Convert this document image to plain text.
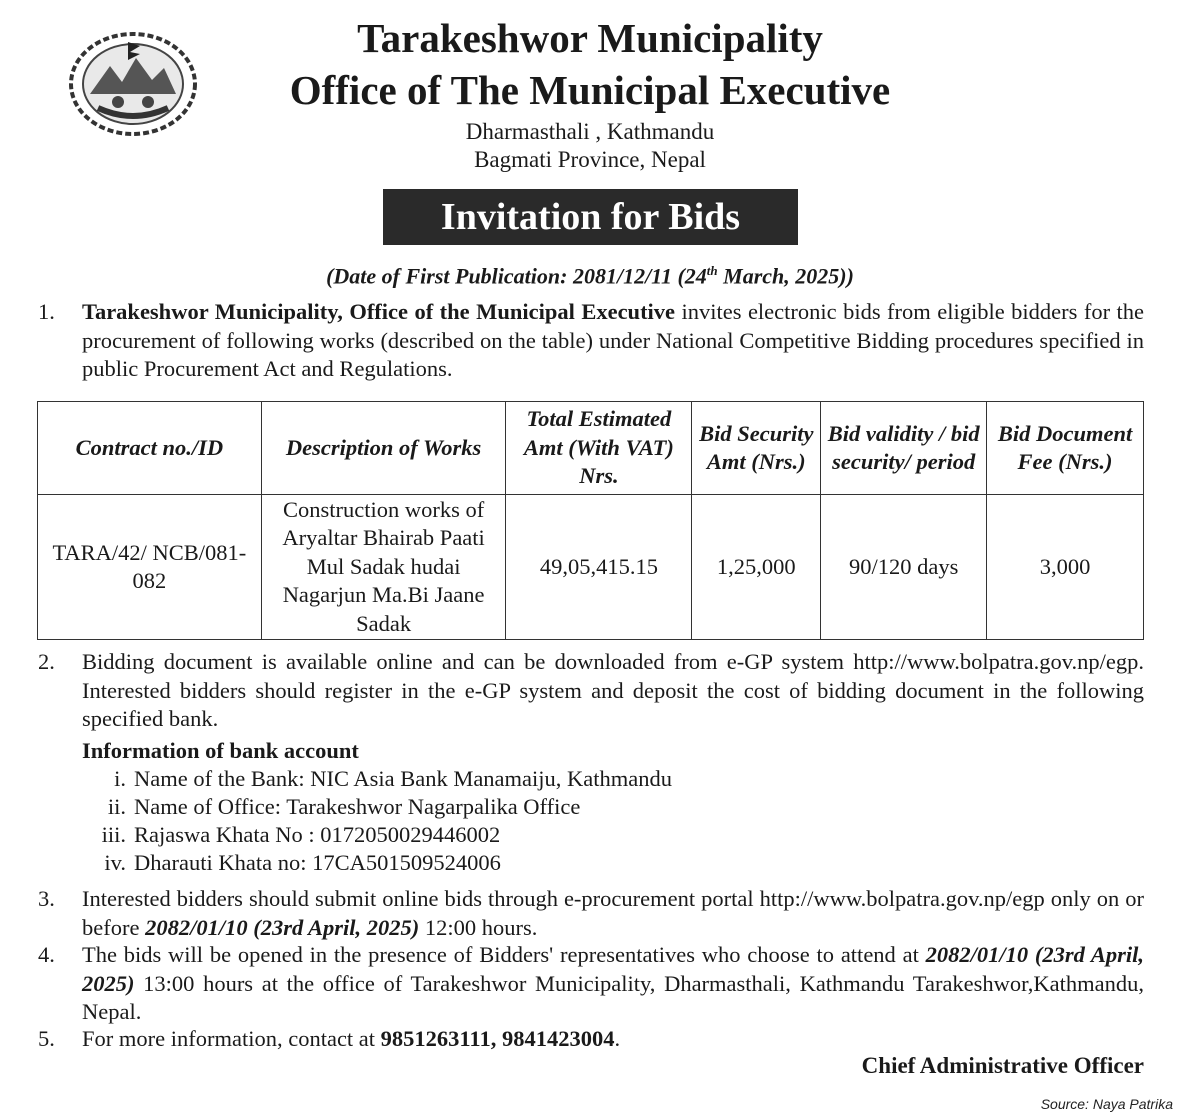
Tarakeshwor Municipality
Office of The Municipal Executive
Dharmasthali , Kathmandu
Bagmati Province, Nepal
Invitation for Bids
(Date of First Publication: 2081/12/11 (24th March, 2025))
1.	Tarakeshwor Municipality, Office of the Municipal Executive invites electronic bids from eligible bidders for the procurement of following works (described on the table) under National Competitive Bidding procedures specified in public Procurement Act and Regulations.
Contract no./ID	Description of Works	Total Estimated Amt (With VAT) Nrs.	Bid Security Amt (Nrs.)	Bid validity / bid security/ period	Bid Document Fee (Nrs.)
TARA/42/ NCB/081-082	Construction works of Aryaltar Bhairab Paati Mul Sadak hudai Nagarjun Ma.Bi Jaane Sadak	49,05,415.15	1,25,000	90/120 days	3,000
2.	Bidding document is available online and can be downloaded from e-GP system http://www.bolpatra.gov.np/egp. Interested bidders should register in the e-GP system and deposit the cost of bidding document in the following specified bank.
Information of bank account
i. Name of the Bank: NIC Asia Bank Manamaiju, Kathmandu
ii. Name of Office: Tarakeshwor Nagarpalika Office
iii. Rajaswa Khata No : 0172050029446002
iv. Dharauti Khata no: 17CA501509524006
3.	Interested bidders should submit online bids through e-procurement portal http://www.bolpatra.gov.np/egp only on or before 2082/01/10 (23rd April, 2025) 12:00 hours.
4.	The bids will be opened in the presence of Bidders' representatives who choose to attend at 2082/01/10 (23rd April, 2025) 13:00 hours at the office of Tarakeshwor Municipality, Dharmasthali, Kathmandu Tarakeshwor,Kathmandu, Nepal.
5.	For more information, contact at 9851263111, 9841423004.
Chief Administrative Officer
Source: Naya Patrika
